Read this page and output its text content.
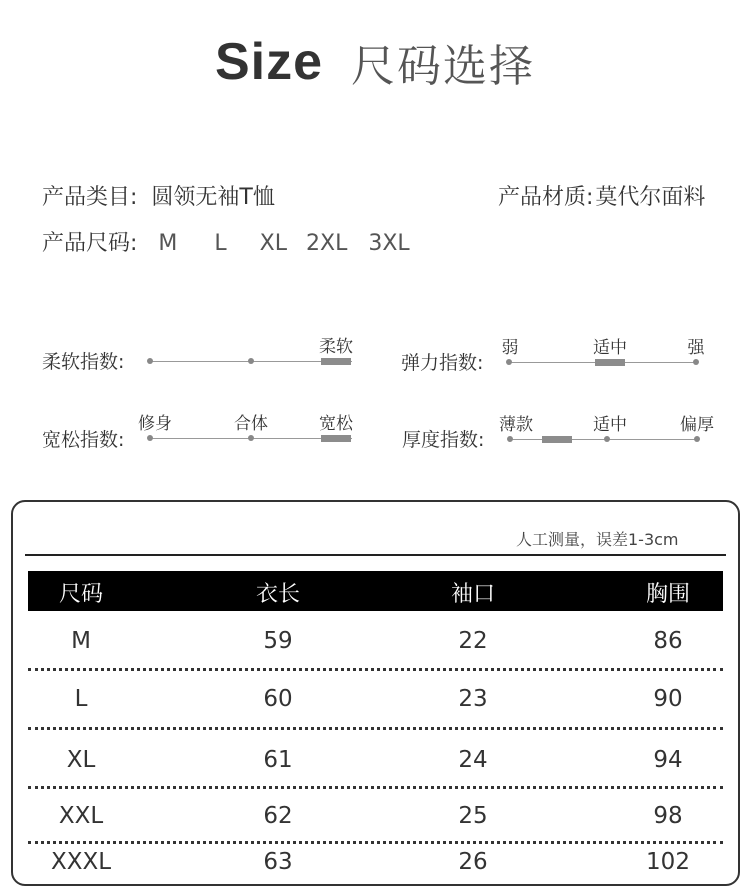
Size 尺码选择
产品类目: 圆领无袖T恤	产品材质:莫代尔面料
产品尺码: M L XL 2XL 3XL
柔软指数:
柔软
弹力指数:
弱	适中	强
宽松指数:
修身	合体	宽松
厚度指数:
薄款	适中	偏厚
人工测量，误差1-3cm
尺码	衣长	袖口	胸围
M	59	22	86
L	60	23	90
XL	61	24	94
XXL	62	25	98
XXXL	63	26	102
